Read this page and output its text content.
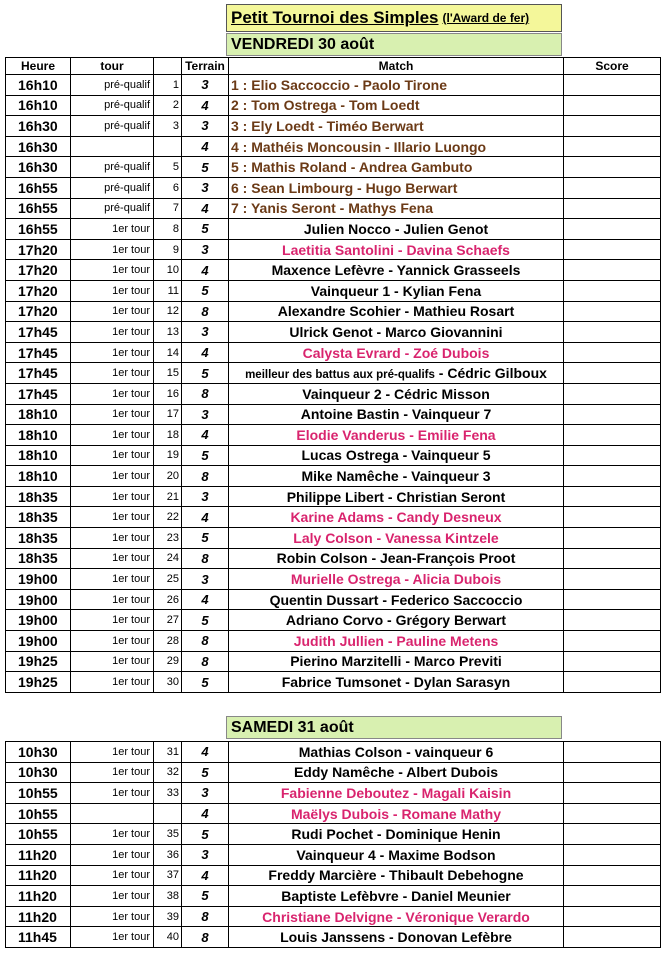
Petit Tournoi des Simples (l'Award de fer)
VENDREDI 30 août
Heure	tour		Terrain	Match	Score
16h10	pré-qualif	1	3	1 : Elio Saccoccio - Paolo Tirone	
16h10	pré-qualif	2	4	2 : Tom Ostrega - Tom Loedt	
16h30	pré-qualif	3	3	3 : Ely Loedt - Timéo Berwart	
16h30			4	4 : Mathéis Moncousin - Illario Luongo	
16h30	pré-qualif	5	5	5 : Mathis Roland - Andrea Gambuto	
16h55	pré-qualif	6	3	6 : Sean Limbourg - Hugo Berwart	
16h55	pré-qualif	7	4	7 : Yanis Seront - Mathys Fena	
16h55	1er tour	8	5	Julien Nocco - Julien Genot	
17h20	1er tour	9	3	Laetitia Santolini - Davina Schaefs	
17h20	1er tour	10	4	Maxence Lefèvre - Yannick Grasseels	
17h20	1er tour	11	5	Vainqueur 1 - Kylian Fena	
17h20	1er tour	12	8	Alexandre Scohier - Mathieu Rosart	
17h45	1er tour	13	3	Ulrick Genot - Marco Giovannini	
17h45	1er tour	14	4	Calysta Evrard - Zoé Dubois	
17h45	1er tour	15	5	meilleur des battus aux pré-qualifs - Cédric Gilboux	
17h45	1er tour	16	8	Vainqueur 2 - Cédric Misson	
18h10	1er tour	17	3	Antoine Bastin - Vainqueur 7	
18h10	1er tour	18	4	Elodie Vanderus - Emilie Fena	
18h10	1er tour	19	5	Lucas Ostrega - Vainqueur 5	
18h10	1er tour	20	8	Mike Namêche - Vainqueur 3	
18h35	1er tour	21	3	Philippe Libert - Christian Seront	
18h35	1er tour	22	4	Karine Adams - Candy Desneux	
18h35	1er tour	23	5	Laly Colson - Vanessa Kintzele	
18h35	1er tour	24	8	Robin Colson - Jean-François Proot	
19h00	1er tour	25	3	Murielle Ostrega - Alicia Dubois	
19h00	1er tour	26	4	Quentin Dussart - Federico Saccoccio	
19h00	1er tour	27	5	Adriano Corvo - Grégory Berwart	
19h00	1er tour	28	8	Judith Jullien - Pauline Metens	
19h25	1er tour	29	8	Pierino Marzitelli - Marco Previti	
19h25	1er tour	30	5	Fabrice Tumsonet - Dylan Sarasyn	
SAMEDI 31 août
10h30	1er tour	31	4	Mathias Colson - vainqueur 6	
10h30	1er tour	32	5	Eddy Namêche - Albert Dubois	
10h55	1er tour	33	3	Fabienne Deboutez - Magali Kaisin	
10h55			4	Maëlys Dubois - Romane Mathy	
10h55	1er tour	35	5	Rudi Pochet - Dominique Henin	
11h20	1er tour	36	3	Vainqueur 4 - Maxime Bodson	
11h20	1er tour	37	4	Freddy Marcière - Thibault Debehogne	
11h20	1er tour	38	5	Baptiste Lefèbvre - Daniel Meunier	
11h20	1er tour	39	8	Christiane Delvigne - Véronique Verardo	
11h45	1er tour	40	8	Louis Janssens - Donovan Lefèbre	
